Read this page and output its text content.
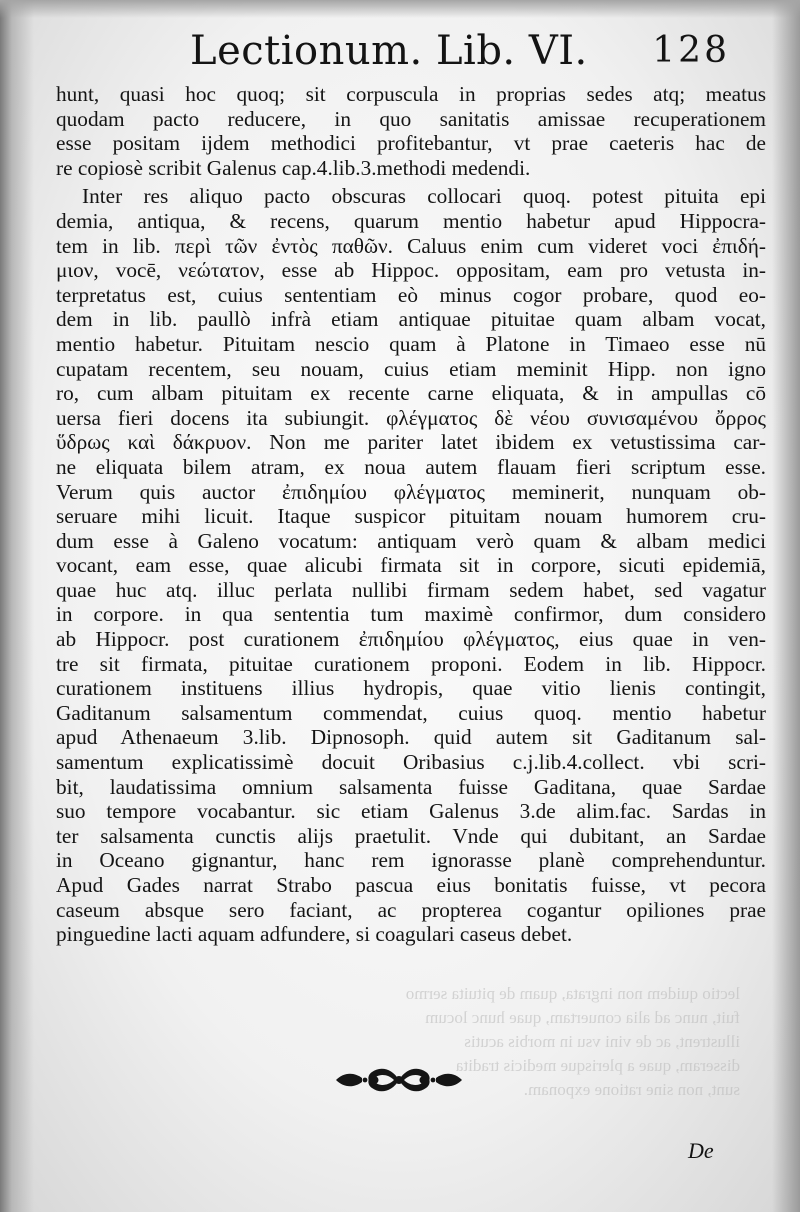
Lectionum. Lib. VI. 128
lectio quidem non ingrata, quam de pituita sermo
fuit, nunc ad alia conuertam, quae hunc locum
illustrent, ac de vini vsu in morbis acutis
disseram, quae a plerisque medicis tradita
sunt, non sine ratione exponam.
hunt, quasi hoc quoq; sit corpuscula in proprias sedes atq; meatus
quodam pacto reducere, in quo sanitatis amissae recuperationem
esse positam ijdem methodici profitebantur, vt prae caeteris hac de
re copiosè scribit Galenus cap.4.lib.3.methodi medendi.
Inter res aliquo pacto obscuras collocari quoq. potest pituita epi
demia, antiqua, & recens, quarum mentio habetur apud Hippocra-
tem in lib. περὶ τῶν ἐντὸς παθῶν. Caluus enim cum videret voci ἐπιδή-
μιον, vocē, νεώτατον, esse ab Hippoc. oppositam, eam pro vetusta in-
terpretatus est, cuius sententiam eò minus cogor probare, quod eo-
dem in lib. paullò infrà etiam antiquae pituitae quam albam vocat,
mentio habetur. Pituitam nescio quam à Platone in Timaeo esse nū
cupatam recentem, seu nouam, cuius etiam meminit Hipp. non igno
ro, cum albam pituitam ex recente carne eliquata, & in ampullas cō
uersa fieri docens ita subiungit. φλέγματος δὲ νέου συνισαμένου ὄρρος
ὕδρως καὶ δάκρυον. Non me pariter latet ibidem ex vetustissima car-
ne eliquata bilem atram, ex noua autem flauam fieri scriptum esse.
Verum quis auctor ἐπιδημίου φλέγματος meminerit, nunquam ob-
seruare mihi licuit. Itaque suspicor pituitam nouam humorem cru-
dum esse à Galeno vocatum: antiquam verò quam & albam medici
vocant, eam esse, quae alicubi firmata sit in corpore, sicuti epidemiā,
quae huc atq. illuc perlata nullibi firmam sedem habet, sed vagatur
in corpore. in qua sententia tum maximè confirmor, dum considero
ab Hippocr. post curationem ἐπιδημίου φλέγματος, eius quae in ven-
tre sit firmata, pituitae curationem proponi. Eodem in lib. Hippocr.
curationem instituens illius hydropis, quae vitio lienis contingit,
Gaditanum salsamentum commendat, cuius quoq. mentio habetur
apud Athenaeum 3.lib. Dipnosoph. quid autem sit Gaditanum sal-
samentum explicatissimè docuit Oribasius c.j.lib.4.collect. vbi scri-
bit, laudatissima omnium salsamenta fuisse Gaditana, quae Sardae
suo tempore vocabantur. sic etiam Galenus 3.de alim.fac. Sardas in
ter salsamenta cunctis alijs praetulit. Vnde qui dubitant, an Sardae
in Oceano gignantur, hanc rem ignorasse planè comprehenduntur.
Apud Gades narrat Strabo pascua eius bonitatis fuisse, vt pecora
caseum absque sero faciant, ac propterea cogantur opiliones prae
pinguedine lacti aquam adfundere, si coagulari caseus debet.
De
